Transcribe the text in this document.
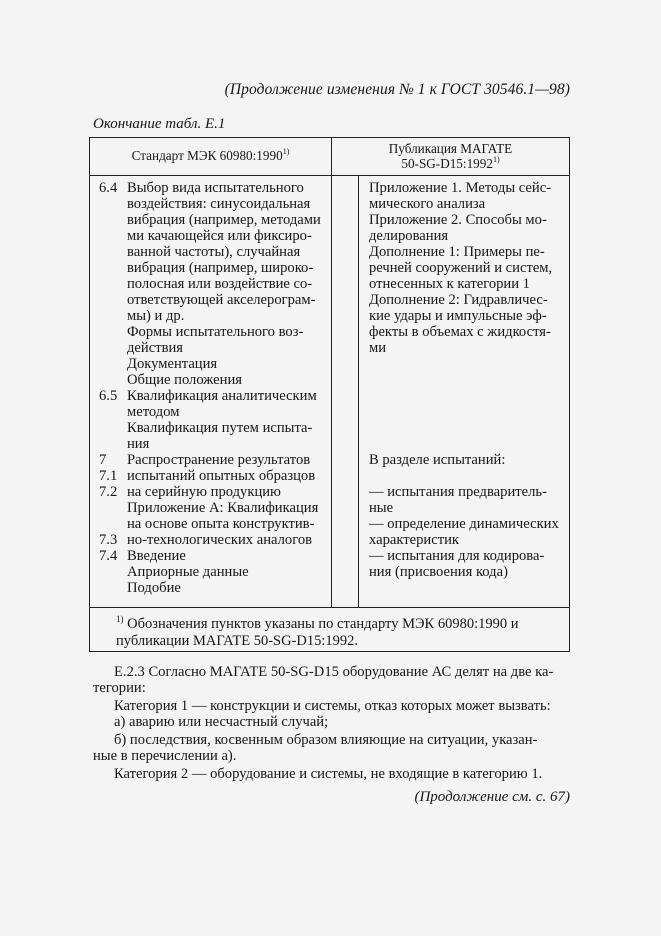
(Продолжение изменения № 1 к ГОСТ 30546.1—98)
Окончание табл. Е.1
Стандарт МЭК 60980:1990$^{1)}$	Публикация МАГАТЕ
50-SG-D15:1992$^{1)}$
6.4
6.5
7
7.1
7.2
7.3
7.4
Выбор вида испытательного
воздействия: синусоидальная
вибрация (например, методами
ми качающейся или фиксиро-
ванной частоты), случайная
вибрация (например, широко-
полосная или воздействие со-
ответствующей акселерограм-
мы) и др.
Формы испытательного воз-
действия
Документация
Общие положения
Квалификация аналитическим
методом
Квалификация путем испыта-
ния
Распространение результатов
испытаний опытных образцов
на серийную продукцию
Приложение А: Квалификация
на основе опыта конструктив-
но-технологических аналогов
Введение
Априорные данные
Подобие
Приложение 1. Методы сейс-
мического анализа
Приложение 2. Способы мо-
делирования
Дополнение 1: Примеры пе-
речней сооружений и систем,
отнесенных к категории 1
Дополнение 2: Гидравличес-
кие удары и импульсные эф-
фекты в объемах с жидкостя-
ми
В разделе испытаний:
— испытания предваритель-
ные
— определение динамических
характеристик
— испытания для кодирова-
ния (присвоения кода)
$^{1)}$ Обозначения пунктов указаны по стандарту МЭК 60980:1990 и
публикации МАГАТЕ 50-SG-D15:1992.
Е.2.3 Согласно МАГАТЕ 50-SG-D15 оборудование АС делят на две ка-
тегории:
Категория 1 — конструкции и системы, отказ которых может вызвать:
а) аварию или несчастный случай;
б) последствия, косвенным образом влияющие на ситуации, указан-
ные в перечислении а).
Категория 2 — оборудование и системы, не входящие в категорию 1.
(Продолжение см. с. 67)
